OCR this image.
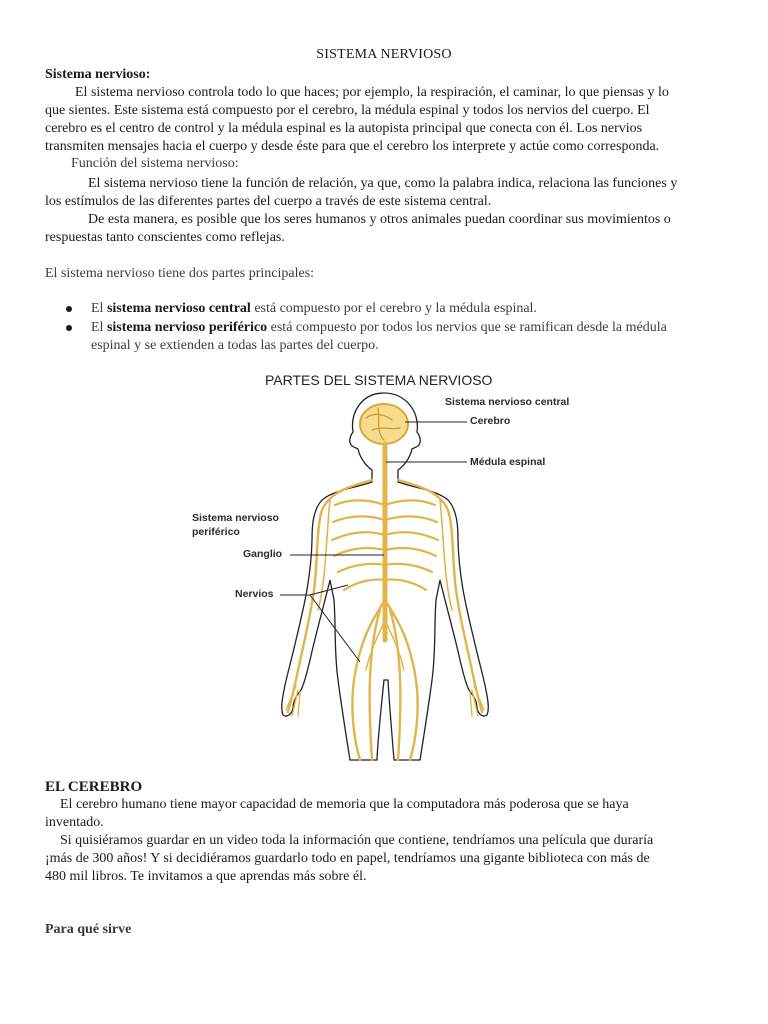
SISTEMA NERVIOSO
Sistema nervioso:
El sistema nervioso controla todo lo que haces; por ejemplo, la respiración, el caminar, lo que piensas y lo
que sientes. Este sistema está compuesto por el cerebro, la médula espinal y todos los nervios del cuerpo. El
cerebro es el centro de control y la médula espinal es la autopista principal que conecta con él. Los nervios
transmiten mensajes hacia el cuerpo y desde éste para que el cerebro los interprete y actúe como corresponda.
Función del sistema nervioso:
El sistema nervioso tiene la función de relación, ya que, como la palabra indica, relaciona las funciones y
los estímulos de las diferentes partes del cuerpo a través de este sistema central.
De esta manera, es posible que los seres humanos y otros animales puedan coordinar sus movimientos o
respuestas tanto conscientes como reflejas.
El sistema nervioso tiene dos partes principales:
El sistema nervioso central está compuesto por el cerebro y la médula espinal.
El sistema nervioso periférico está compuesto por todos los nervios que se ramifican desde la médula
espinal y se extienden a todas las partes del cuerpo.
PARTES DEL SISTEMA NERVIOSO
Sistema nervioso central
Cerebro
Médula espinal
Sistema nervioso
periférico
Ganglio
Nervios
EL CEREBRO
El cerebro humano tiene mayor capacidad de memoria que la computadora más poderosa que se haya
inventado.
Si quisiéramos guardar en un video toda la información que contiene, tendríamos una película que duraría
¡más de 300 años! Y si decidiéramos guardarlo todo en papel, tendríamos una gigante biblioteca con más de
480 mil libros. Te invitamos a que aprendas más sobre él.
Para qué sirve
